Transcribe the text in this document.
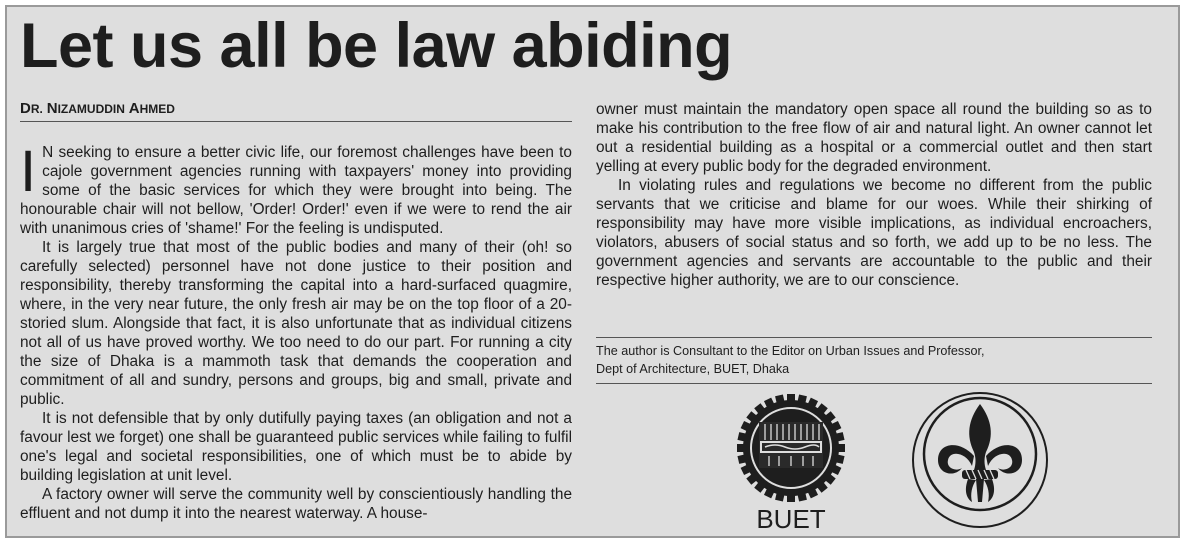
Let us all be law abiding
DR. NIZAMUDDIN AHMED

I N seeking to ensure a better civic life, our foremost challenges have been to cajole government agencies running with taxpayers' money into providing some of the basic services for which they were brought into being. The honourable chair will not bellow, 'Order! Order!' even if we were to rend the air with unanimous cries of 'shame!' For the feeling is undisputed.

It is largely true that most of the public bodies and many of their (oh! so carefully selected) personnel have not done justice to their position and responsibility, thereby transforming the capital into a hard-surfaced quagmire, where, in the very near future, the only fresh air may be on the top floor of a 20-storied slum. Alongside that fact, it is also unfortunate that as individual citizens not all of us have proved worthy. We too need to do our part. For running a city the size of Dhaka is a mammoth task that demands the cooperation and commitment of all and sundry, persons and groups, big and small, private and public.

It is not defensible that by only dutifully paying taxes (an obligation and not a favour lest we forget) one shall be guaranteed public services while failing to fulfil one's legal and societal responsibilities, one of which must be to abide by building legislation at unit level.

A factory owner will serve the community well by conscientiously handling the effluent and not dump it into the nearest waterway. A house-

owner must maintain the mandatory open space all round the building so as to make his contribution to the free flow of air and natural light. An owner cannot let out a residential building as a hospital or a commercial outlet and then start yelling at every public body for the degraded environment.

In violating rules and regulations we become no different from the public servants that we criticise and blame for our woes. While their shirking of responsibility may have more visible implications, as individual encroachers, violators, abusers of social status and so forth, we add up to be no less. The government agencies and servants are accountable to the public and their respective higher authority, we are to our conscience.

The author is Consultant to the Editor on Urban Issues and Professor,
Dept of Architecture, BUET, Dhaka
BUET
